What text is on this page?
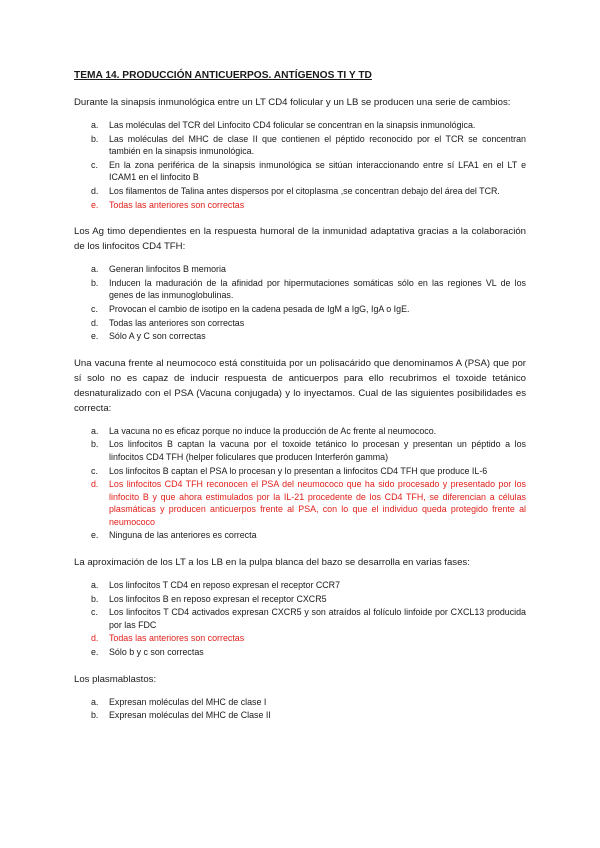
TEMA 14. PRODUCCIÓN ANTICUERPOS. ANTÍGENOS TI Y TD
Durante la sinapsis inmunológica entre un LT CD4 folicular y un LB se producen una serie de cambios:
a. Las moléculas del TCR del Linfocito CD4 folicular se concentran en la sinapsis inmunológica.
b. Las moléculas del MHC de clase II que contienen el péptido reconocido por el TCR se concentran también en la sinapsis inmunológica.
c. En la zona periférica de la sinapsis inmunológica se sitúan interaccionando entre sí LFA1 en el LT e ICAM1 en el linfocito B
d. Los filamentos de Talina antes dispersos por el citoplasma ,se concentran debajo del área del TCR.
e. Todas las anteriores son correctas
Los Ag timo dependientes en la respuesta humoral de la inmunidad adaptativa gracias a la colaboración de los linfocitos CD4 TFH:
a. Generan linfocitos B memoria
b. Inducen la maduración de la afinidad por hipermutaciones somáticas sólo en las regiones VL de los genes de las inmunoglobulinas.
c. Provocan el cambio de isotipo en la cadena pesada de IgM a IgG, IgA o IgE.
d. Todas las anteriores son correctas
e. Sólo A y C son correctas
Una vacuna frente al neumococo está constituida por un polisacárido que denominamos A (PSA) que por sí solo no es capaz de inducir respuesta de anticuerpos para ello recubrimos el toxoide tetánico desnaturalizado con el PSA (Vacuna conjugada) y lo inyectamos. Cual de las siguientes posibilidades es correcta:
a. La vacuna no es eficaz porque no induce la producción de Ac frente al neumococo.
b. Los linfocitos B captan la vacuna por el toxoide tetánico lo procesan y presentan un péptido a los linfocitos CD4 TFH (helper foliculares que producen Interferón gamma)
c. Los linfocitos B captan el PSA lo procesan y lo presentan a linfocitos CD4 TFH que produce IL-6
d. Los linfocitos CD4 TFH reconocen el PSA del neumococo que ha sido procesado y presentado por los linfocito B y que ahora estimulados por la IL-21 procedente de los CD4 TFH, se diferencian a células plasmáticas y producen anticuerpos frente al PSA, con lo que el individuo queda protegido frente al neumococo
e. Ninguna de las anteriores es correcta
La aproximación de los LT a los LB en la pulpa blanca del bazo se desarrolla en varias fases:
a. Los linfocitos T CD4 en reposo expresan el receptor CCR7
b. Los linfocitos B en reposo expresan el receptor CXCR5
c. Los linfocitos T CD4 activados expresan CXCR5 y son atraídos al folículo linfoide por CXCL13 producida por las FDC
d. Todas las anteriores son correctas
e. Sólo b y c son correctas
Los plasmablastos:
a. Expresan moléculas del MHC de clase I
b. Expresan moléculas del MHC de Clase II
